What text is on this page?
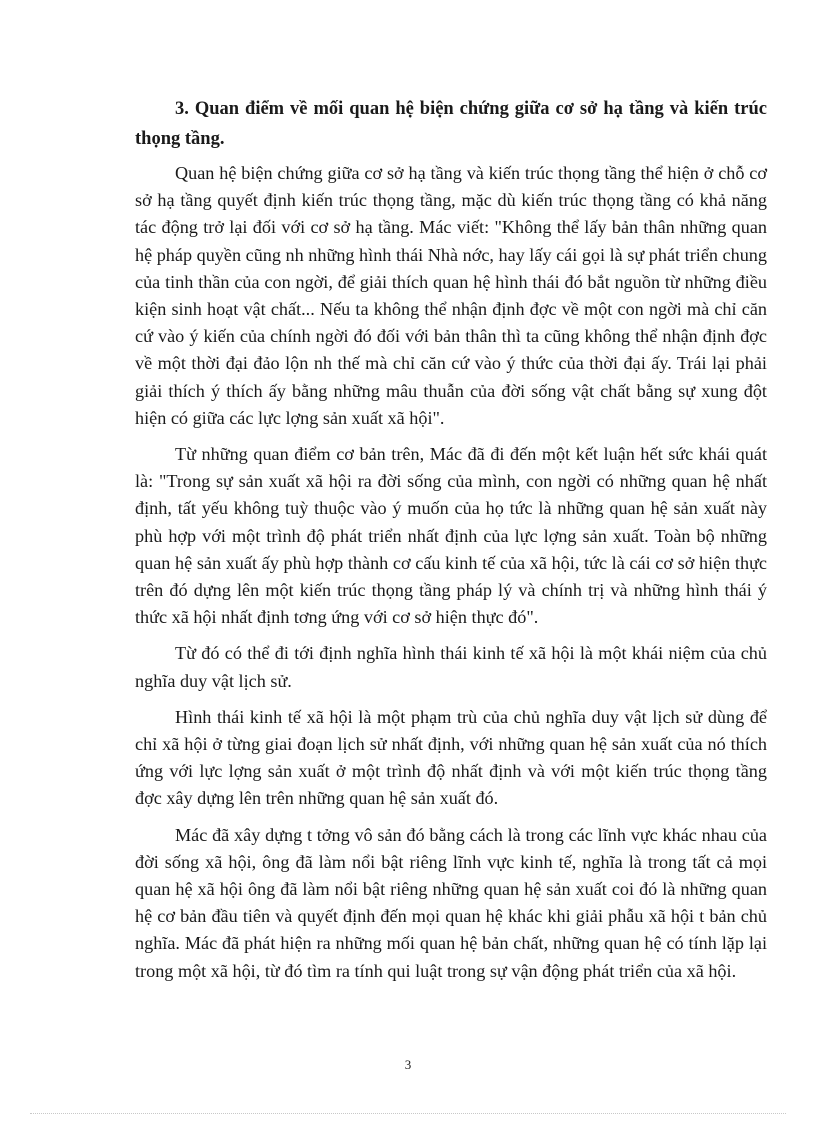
3. Quan điểm về mối quan hệ biện chứng giữa cơ sở hạ tầng và kiến trúc thọng tầng.

Quan hệ biện chứng giữa cơ sở hạ tầng và kiến trúc thọng tầng thể hiện ở chỗ cơ sở hạ tầng quyết định kiến trúc thọng tầng, mặc dù kiến trúc thọng tầng có khả năng tác động trở lại đối với cơ sở hạ tầng. Mác viết: "Không thể lấy bản thân những quan hệ pháp quyền cũng nh những hình thái Nhà nớc, hay lấy cái gọi là sự phát triển chung của tinh thần của con ngời, để giải thích quan hệ hình thái đó bắt nguồn từ những điều kiện sinh hoạt vật chất... Nếu ta không thể nhận định đợc về một con ngời mà chỉ căn cứ vào ý kiến của chính ngời đó đối với bản thân thì ta cũng không thể nhận định đợc về một thời đại đảo lộn nh thế mà chỉ căn cứ vào ý thức của thời đại ấy. Trái lại phải giải thích ý thích ấy bằng những mâu thuẫn của đời sống vật chất bằng sự xung đột hiện có giữa các lực lợng sản xuất xã hội".

Từ những quan điểm cơ bản trên, Mác đã đi đến một kết luận hết sức khái quát là: "Trong sự sản xuất xã hội ra đời sống của mình, con ngời có những quan hệ nhất định, tất yếu không tuỳ thuộc vào ý muốn của họ tức là những quan hệ sản xuất này phù hợp với một trình độ phát triển nhất định của lực lợng sản xuất. Toàn bộ những quan hệ sản xuất ấy phù hợp thành cơ cấu kinh tế của xã hội, tức là cái cơ sở hiện thực trên đó dựng lên một kiến trúc thọng tầng pháp lý và chính trị và những hình thái ý thức xã hội nhất định tơng ứng với cơ sở hiện thực đó".

Từ đó có thể đi tới định nghĩa hình thái kinh tế xã hội là một khái niệm của chủ nghĩa duy vật lịch sử.

Hình thái kinh tế xã hội là một phạm trù của chủ nghĩa duy vật lịch sử dùng để chỉ xã hội ở từng giai đoạn lịch sử nhất định, với những quan hệ sản xuất của nó thích ứng với lực lợng sản xuất ở một trình độ nhất định và với một kiến trúc thọng tầng đợc xây dựng lên trên những quan hệ sản xuất đó.

Mác đã xây dựng t tởng vô sản đó bằng cách là trong các lĩnh vực khác nhau của đời sống xã hội, ông đã làm nổi bật riêng lĩnh vực kinh tế, nghĩa là trong tất cả mọi quan hệ xã hội ông đã làm nổi bật riêng những quan hệ sản xuất coi đó là những quan hệ cơ bản đầu tiên và quyết định đến mọi quan hệ khác khi giải phẫu xã hội t bản chủ nghĩa. Mác đã phát hiện ra những mối quan hệ bản chất, những quan hệ có tính lặp lại trong một xã hội, từ đó tìm ra tính qui luật trong sự vận động phát triển của xã hội.

3
